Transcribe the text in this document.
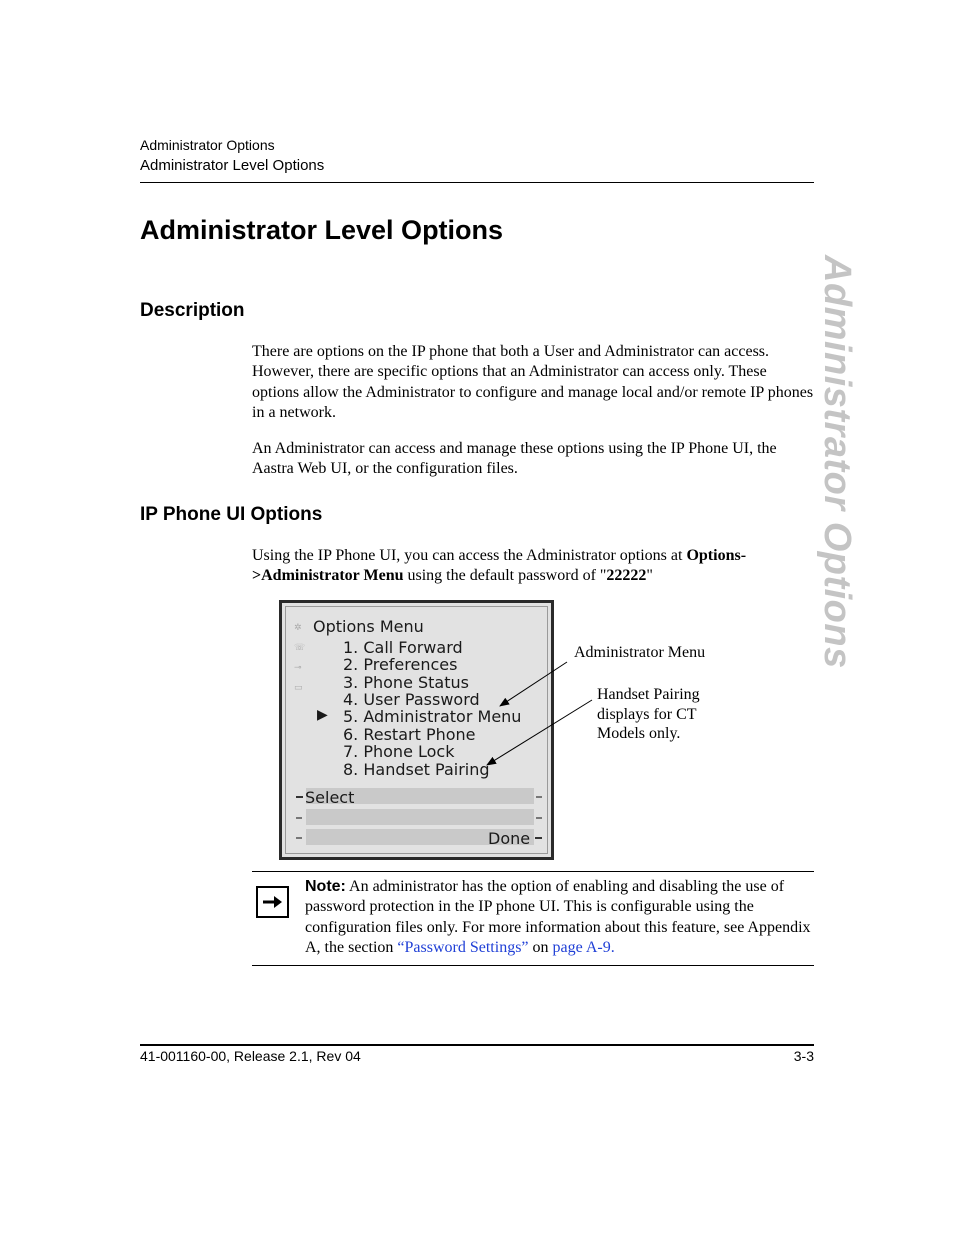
Administrator Options
Administrator Level Options
Administrator Options
Administrator Level Options
Description

There are options on the IP phone that both a User and Administrator can access. However, there are specific options that an Administrator can access only. These options allow the Administrator to configure and manage local and/or remote IP phones in a network.

An Administrator can access and manage these options using the IP Phone UI, the Aastra Web UI, or the configuration files.

IP Phone UI Options

Using the IP Phone UI, you can access the Administrator options at Options->Administrator Menu using the default password of "22222"

✲
☏
⊸
▭
Options Menu
1. Call Forward
2. Preferences
3. Phone Status
4. User Password
▶ 5. Administrator Menu
6. Restart Phone
7. Phone Lock
8. Handset Pairing
Select
Done
Administrator Menu
Handset Pairing displays for CT Models only.

Note: An administrator has the option of enabling and disabling the use of password protection in the IP phone UI. This is configurable using the configuration files only. For more information about this feature, see Appendix A, the section “Password Settings” on page A-9.

41-001160-00, Release 2.1, Rev 04	3-3
